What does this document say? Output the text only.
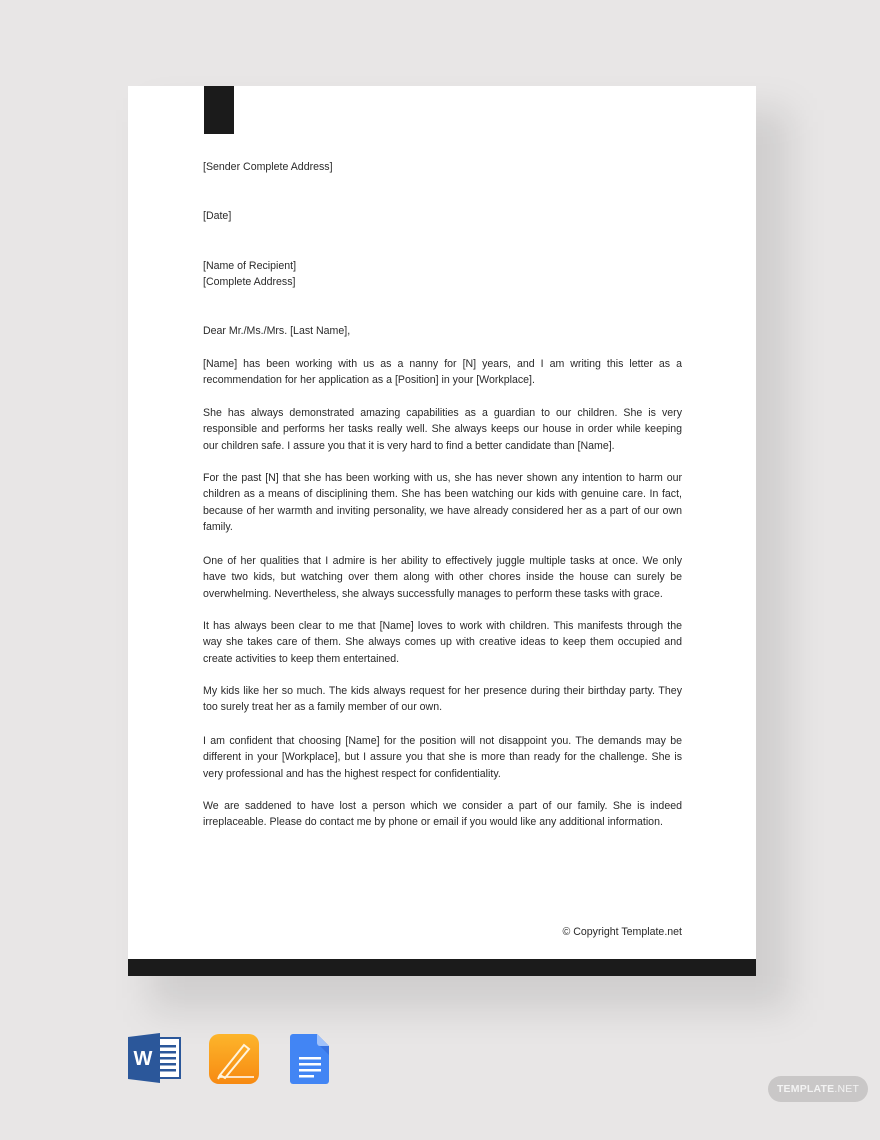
[Sender Complete Address]
[Date]
[Name of Recipient]
[Complete Address]
Dear Mr./Ms./Mrs. [Last Name],
[Name] has been working with us as a nanny for [N] years, and I am writing this letter as a recommendation for her application as a [Position] in your [Workplace].
She has always demonstrated amazing capabilities as a guardian to our children. She is very responsible and performs her tasks really well. She always keeps our house in order while keeping our children safe. I assure you that it is very hard to find a better candidate than [Name].
For the past [N] that she has been working with us, she has never shown any intention to harm our children as a means of disciplining them. She has been watching our kids with genuine care. In fact, because of her warmth and inviting personality, we have already considered her as a part of our own family.
One of her qualities that I admire is her ability to effectively juggle multiple tasks at once. We only have two kids, but watching over them along with other chores inside the house can surely be overwhelming. Nevertheless, she always successfully manages to perform these tasks with grace.
It has always been clear to me that [Name] loves to work with children. This manifests through the way she takes care of them. She always comes up with creative ideas to keep them occupied and create activities to keep them entertained.
My kids like her so much. The kids always request for her presence during their birthday party. They too surely treat her as a family member of our own.
I am confident that choosing [Name] for the position will not disappoint you. The demands may be different in your [Workplace], but I assure you that she is more than ready for the challenge. She is very professional and has the highest respect for confidentiality.
We are saddened to have lost a person which we consider a part of our family. She is indeed irreplaceable. Please do contact me by phone or email if you would like any additional information.
© Copyright Template.net
W
TEMPLATE.NET
